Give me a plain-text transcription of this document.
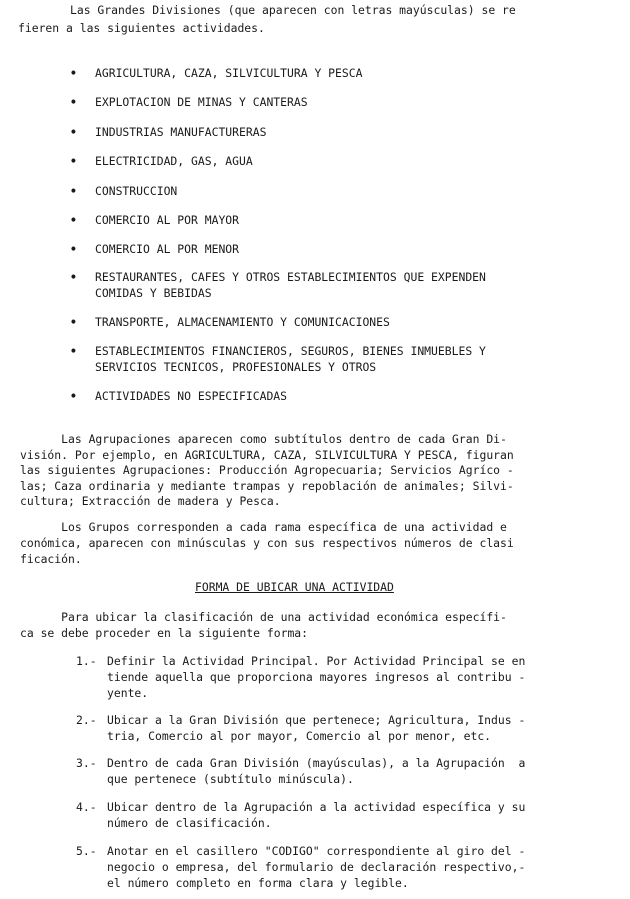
Las Grandes Divisiones (que aparecen con letras mayúsculas) se re
fieren a las siguientes actividades.
• AGRICULTURA, CAZA, SILVICULTURA Y PESCA
• EXPLOTACION DE MINAS Y CANTERAS
• INDUSTRIAS MANUFACTURERAS
• ELECTRICIDAD, GAS, AGUA
• CONSTRUCCION
• COMERCIO AL POR MAYOR
• COMERCIO AL POR MENOR
• RESTAURANTES, CAFES Y OTROS ESTABLECIMIENTOS QUE EXPENDEN
COMIDAS Y BEBIDAS
• TRANSPORTE, ALMACENAMIENTO Y COMUNICACIONES
• ESTABLECIMIENTOS FINANCIEROS, SEGUROS, BIENES INMUEBLES Y
SERVICIOS TECNICOS, PROFESIONALES Y OTROS
• ACTIVIDADES NO ESPECIFICADAS
Las Agrupaciones aparecen como subtítulos dentro de cada Gran Di-
visión. Por ejemplo, en AGRICULTURA, CAZA, SILVICULTURA Y PESCA, figuran
las siguientes Agrupaciones: Producción Agropecuaria; Servicios Agríco -
las; Caza ordinaria y mediante trampas y repoblación de animales; Silvi-
cultura; Extracción de madera y Pesca.
Los Grupos corresponden a cada rama específica de una actividad e
conómica, aparecen con minúsculas y con sus respectivos números de clasi
ficación.
FORMA DE UBICAR UNA ACTIVIDAD
Para ubicar la clasificación de una actividad económica específi-
ca se debe proceder en la siguiente forma:
1.- Definir la Actividad Principal. Por Actividad Principal se en
tiende aquella que proporciona mayores ingresos al contribu -
yente.
2.- Ubicar a la Gran División que pertenece; Agricultura, Indus -
tria, Comercio al por mayor, Comercio al por menor, etc.
3.- Dentro de cada Gran División (mayúsculas), a la Agrupación  a
que pertenece (subtítulo minúscula).
4.- Ubicar dentro de la Agrupación a la actividad específica y su
número de clasificación.
5.- Anotar en el casillero "CODIGO" correspondiente al giro del -
negocio o empresa, del formulario de declaración respectivo,-
el número completo en forma clara y legible.
